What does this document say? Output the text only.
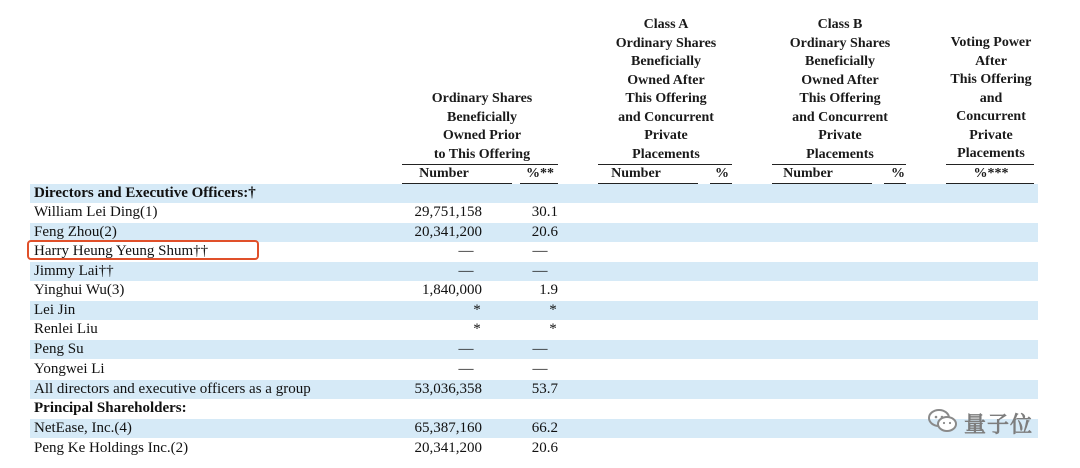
Ordinary Shares
Beneficially
Owned Prior
to This Offering
Class A
Ordinary Shares
Beneficially
Owned After
This Offering
and Concurrent
Private
Placements
Class B
Ordinary Shares
Beneficially
Owned After
This Offering
and Concurrent
Private
Placements
Voting Power
After
This Offering
and
Concurrent
Private
Placements
Number	%**	Number	%	Number	%	%***
Directors and Executive Officers:†
William Lei Ding(1)	29,751,158	30.1
Feng Zhou(2)	20,341,200	20.6
Harry Heung Yeung Shum††	—	—
Jimmy Lai††	—	—
Yinghui Wu(3)	1,840,000	1.9
Lei Jin	*	*
Renlei Liu	*	*
Peng Su	—	—
Yongwei Li	—	—
All directors and executive officers as a group	53,036,358	53.7
Principal Shareholders:
NetEase, Inc.(4)	65,387,160	66.2
Peng Ke Holdings Inc.(2)	20,341,200	20.6
量子位
